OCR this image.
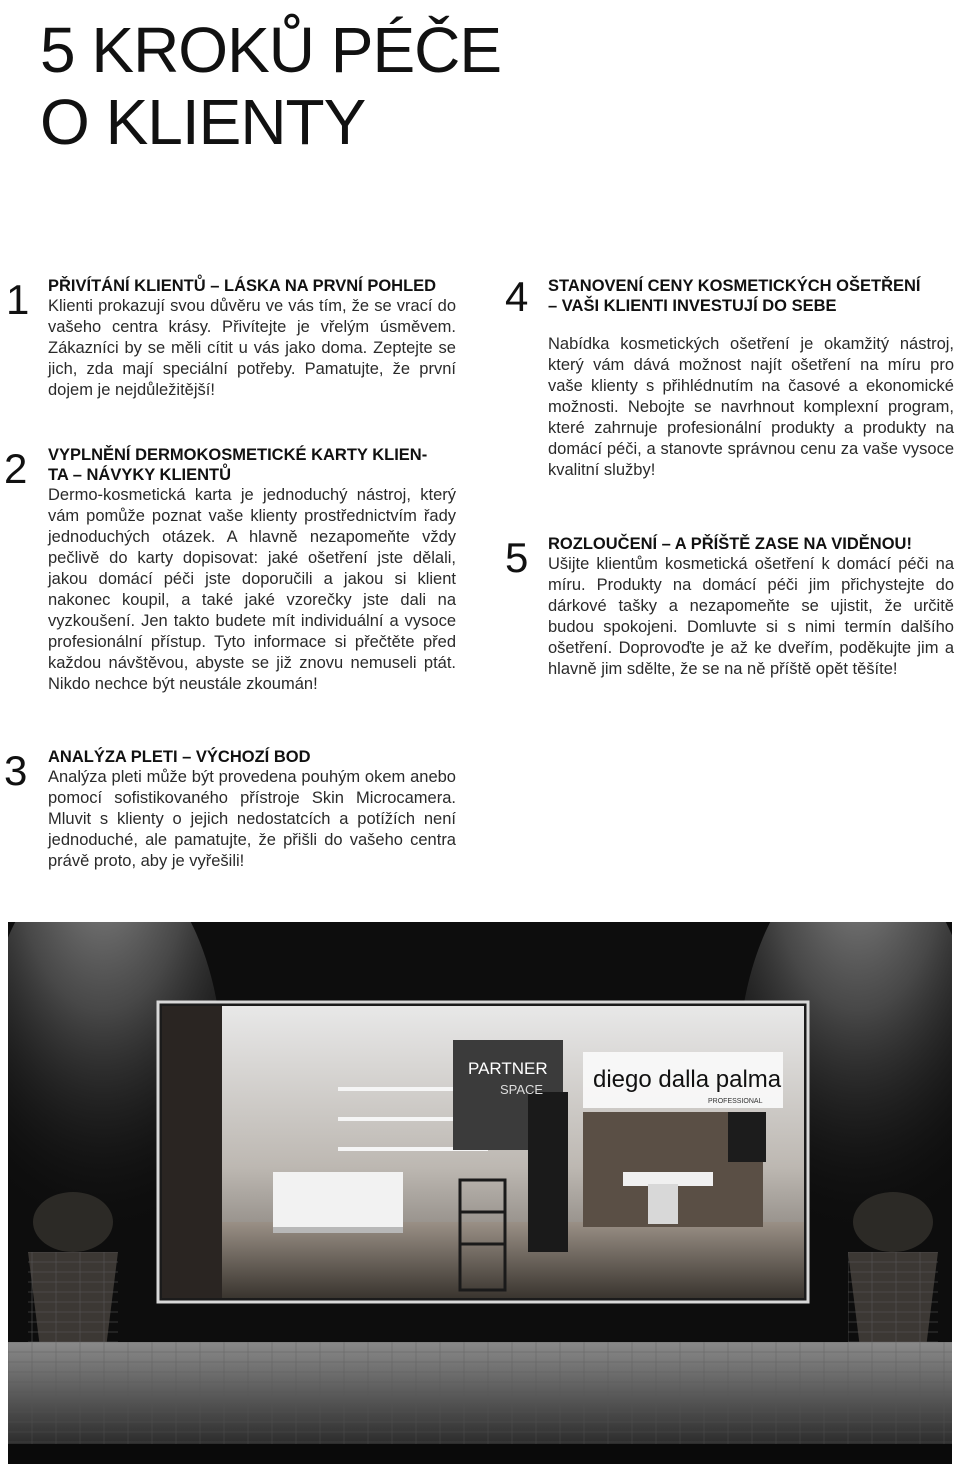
5 KROKŮ PÉČE
O KLIENTY
1 PŘIVÍTÁNÍ KLIENTŮ – LÁSKA NA PRVNÍ POHLED
Klienti prokazují svou důvěru ve vás tím, že se vrací do vašeho centra krásy. Přivítejte je vřelým úsměvem. Zákazníci by se měli cítit u vás jako doma. Zeptejte se jich, zda mají speciální potřeby. Pamatujte, že první dojem je nejdůležitější!
2 VYPLNĚNÍ DERMOKOSMETICKÉ KARTY KLIEN-
TA – NÁVYKY KLIENTŮ
Dermo-kosmetická karta je jednoduchý nástroj, který vám pomůže poznat vaše klienty prostřednictvím řady jednoduchých otázek. A hlavně nezapomeňte vždy pečlivě do karty dopisovat: jaké ošetření jste dělali, jakou domácí péči jste doporučili a jakou si klient nakonec koupil, a také jaké vzorečky jste dali na vyzkoušení. Jen takto budete mít individuální a vysoce profesionální přístup. Tyto informace si přečtěte před každou návštěvou, abyste se již znovu nemuseli ptát. Nikdo nechce být neustále zkoumán!
3 ANALÝZA PLETI – VÝCHOZÍ BOD
Analýza pleti může být provedena pouhým okem anebo pomocí sofistikovaného přístroje Skin Microcamera. Mluvit s klienty o jejich nedostatcích a potížích není jednoduché, ale pamatujte, že přišli do vašeho centra právě proto, aby je vyřešili!
4 STANOVENÍ CENY KOSMETICKÝCH OŠETŘENÍ
– VAŠI KLIENTI INVESTUJÍ DO SEBE
Nabídka kosmetických ošetření je okamžitý nástroj, který vám dává možnost najít ošetření na míru pro vaše klienty s přihlédnutím na časové a ekonomické možnosti. Nebojte se navrhnout komplexní program, které zahrnuje profesionální produkty a produkty na domácí péči, a stanovte správnou cenu za vaše vysoce kvalitní služby!
5 ROZLOUČENÍ – A PŘÍŠTĚ ZASE NA VIDĚNOU!
Ušijte klientům kosmetická ošetření k domácí péči na míru. Produkty na domácí péči jim přichystejte do dárkové tašky a nezapomeňte se ujistit, že určitě budou spokojeni. Domluvte si s nimi termín dalšího ošetření. Doprovoďte je až ke dveřím, poděkujte jim a hlavně jim sdělte, že se na ně příště opět těšíte!
PARTNER
SPACE diego dalla palma
PROFESSIONAL
